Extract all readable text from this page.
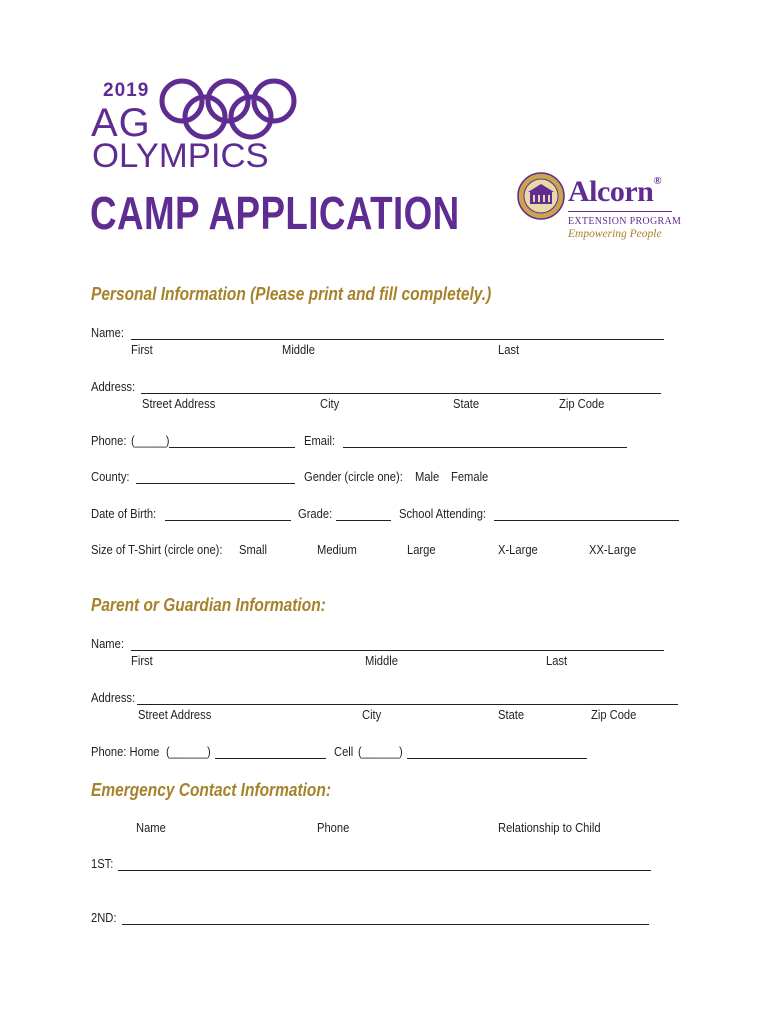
2019
AG
OLYMPICS
CAMP APPLICATION	Alcorn®
EXTENSION PROGRAM
Empowering People
Personal Information (Please print and fill completely.)
Name:
First	Middle	Last
Address:
Street Address	City	State	Zip Code
Phone: (_____)	Email:
County:	Gender (circle one): Male Female
Date of Birth:	Grade:	School Attending:
Size of T-Shirt (circle one): Small	Medium	Large	X-Large	XX-Large
Parent or Guardian Information:
Name:
First	Middle	Last
Address:
Street Address	City	State	Zip Code
Phone: Home (______)	Cell (______)
Emergency Contact Information:
Name	Phone	Relationship to Child
1ST:
2ND:
